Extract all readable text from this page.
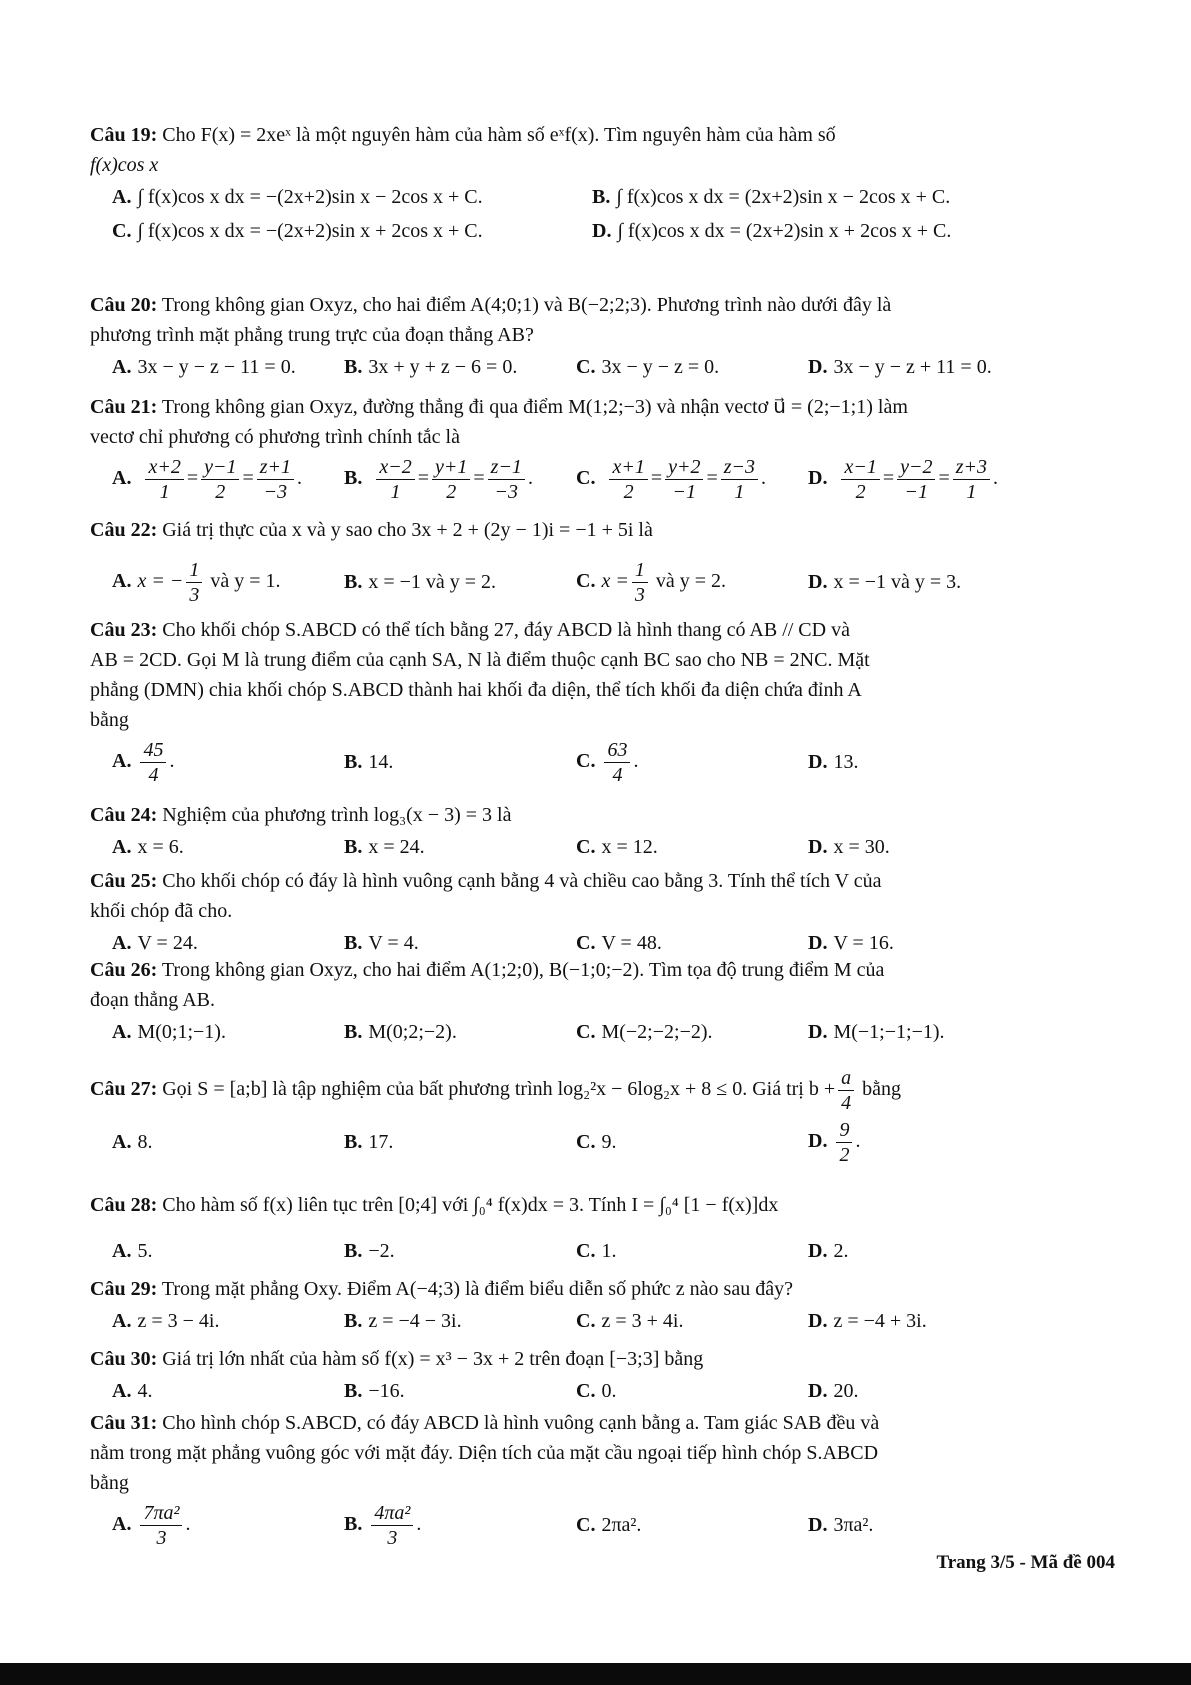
Câu 19: Cho F(x) = 2xeˣ là một nguyên hàm của hàm số eˣf(x). Tìm nguyên hàm của hàm số
f(x)cos x
A. ∫ f(x)cos x dx = −(2x+2)sin x − 2cos x + C.	B. ∫ f(x)cos x dx = (2x+2)sin x − 2cos x + C.
C. ∫ f(x)cos x dx = −(2x+2)sin x + 2cos x + C.	D. ∫ f(x)cos x dx = (2x+2)sin x + 2cos x + C.
Câu 20: Trong không gian Oxyz, cho hai điểm A(4;0;1) và B(−2;2;3). Phương trình nào dưới đây là
phương trình mặt phẳng trung trực của đoạn thẳng AB?
A. 3x − y − z − 11 = 0.	B. 3x + y + z − 6 = 0.	C. 3x − y − z = 0.	D. 3x − y − z + 11 = 0.
Câu 21: Trong không gian Oxyz, đường thẳng đi qua điểm M(1;2;−3) và nhận vectơ u⃗ = (2;−1;1) làm
vectơ chỉ phương có phương trình chính tắc là
A. $\frac{x+2}{1} = \frac{y-1}{2} = \frac{z+1}{-3}$ .	B. $\frac{x-2}{1} = \frac{y+1}{2} = \frac{z-1}{-3}$ .	C. $\frac{x+1}{2} = \frac{y+2}{-1} = \frac{z-3}{1}$ .	D. $\frac{x-1}{2} = \frac{y-2}{-1} = \frac{z+3}{1}$ .
Câu 22: Giá trị thực của x và y sao cho 3x + 2 + (2y − 1)i = −1 + 5i là
A. x = − $\frac{1}{3}$ và y = 1.	B. x = −1 và y = 2.	C. $x = \frac{1}{3}$ và y = 2.	D. x = −1 và y = 3.
Câu 23: Cho khối chóp S.ABCD có thể tích bằng 27, đáy ABCD là hình thang có AB // CD và
AB = 2CD. Gọi M là trung điểm của cạnh SA, N là điểm thuộc cạnh BC sao cho NB = 2NC. Mặt
phẳng (DMN) chia khối chóp S.ABCD thành hai khối đa diện, thể tích khối đa diện chứa đỉnh A
bằng
A. $\frac{45}{4}$ .	B. 14.	C. $\frac{63}{4}$ .	D. 13.
Câu 24: Nghiệm của phương trình log₃(x − 3) = 3 là
A. x = 6.	B. x = 24.	C. x = 12.	D. x = 30.
Câu 25: Cho khối chóp có đáy là hình vuông cạnh bằng 4 và chiều cao bằng 3. Tính thể tích V của
khối chóp đã cho.
A. V = 24.	B. V = 4.	C. V = 48.	D. V = 16.
Câu 26: Trong không gian Oxyz, cho hai điểm A(1;2;0), B(−1;0;−2). Tìm tọa độ trung điểm M của
đoạn thẳng AB.
A. M(0;1;−1).	B. M(0;2;−2).	C. M(−2;−2;−2).	D. M(−1;−1;−1).
Câu 27: Gọi S = [a;b] là tập nghiệm của bất phương trình log₂²x − 6log₂x + 8 ≤ 0. Giá trị $b + \frac{a}{4}$ bằng
A. 8.	B. 17.	C. 9.	D. $\frac{9}{2}$ .
Câu 28: Cho hàm số f(x) liên tục trên [0;4] với ∫₀⁴ f(x)dx = 3. Tính I = ∫₀⁴ [1 − f(x)]dx
A. 5.	B. −2.	C. 1.	D. 2.
Câu 29: Trong mặt phẳng Oxy. Điểm A(−4;3) là điểm biểu diễn số phức z nào sau đây?
A. z = 3 − 4i.	B. z = −4 − 3i.	C. z = 3 + 4i.	D. z = −4 + 3i.
Câu 30: Giá trị lớn nhất của hàm số f(x) = x³ − 3x + 2 trên đoạn [−3;3] bằng
A. 4.	B. −16.	C. 0.	D. 20.
Câu 31: Cho hình chóp S.ABCD, có đáy ABCD là hình vuông cạnh bằng a. Tam giác SAB đều và
nằm trong mặt phẳng vuông góc với mặt đáy. Diện tích của mặt cầu ngoại tiếp hình chóp S.ABCD
bằng
A. $\frac{\text{7πa²}}{3}$ .	B. $\frac{\text{4πa²}}{3}$ .	C. 2πa².	D. 3πa².
Trang 3/5 - Mã đề 004
